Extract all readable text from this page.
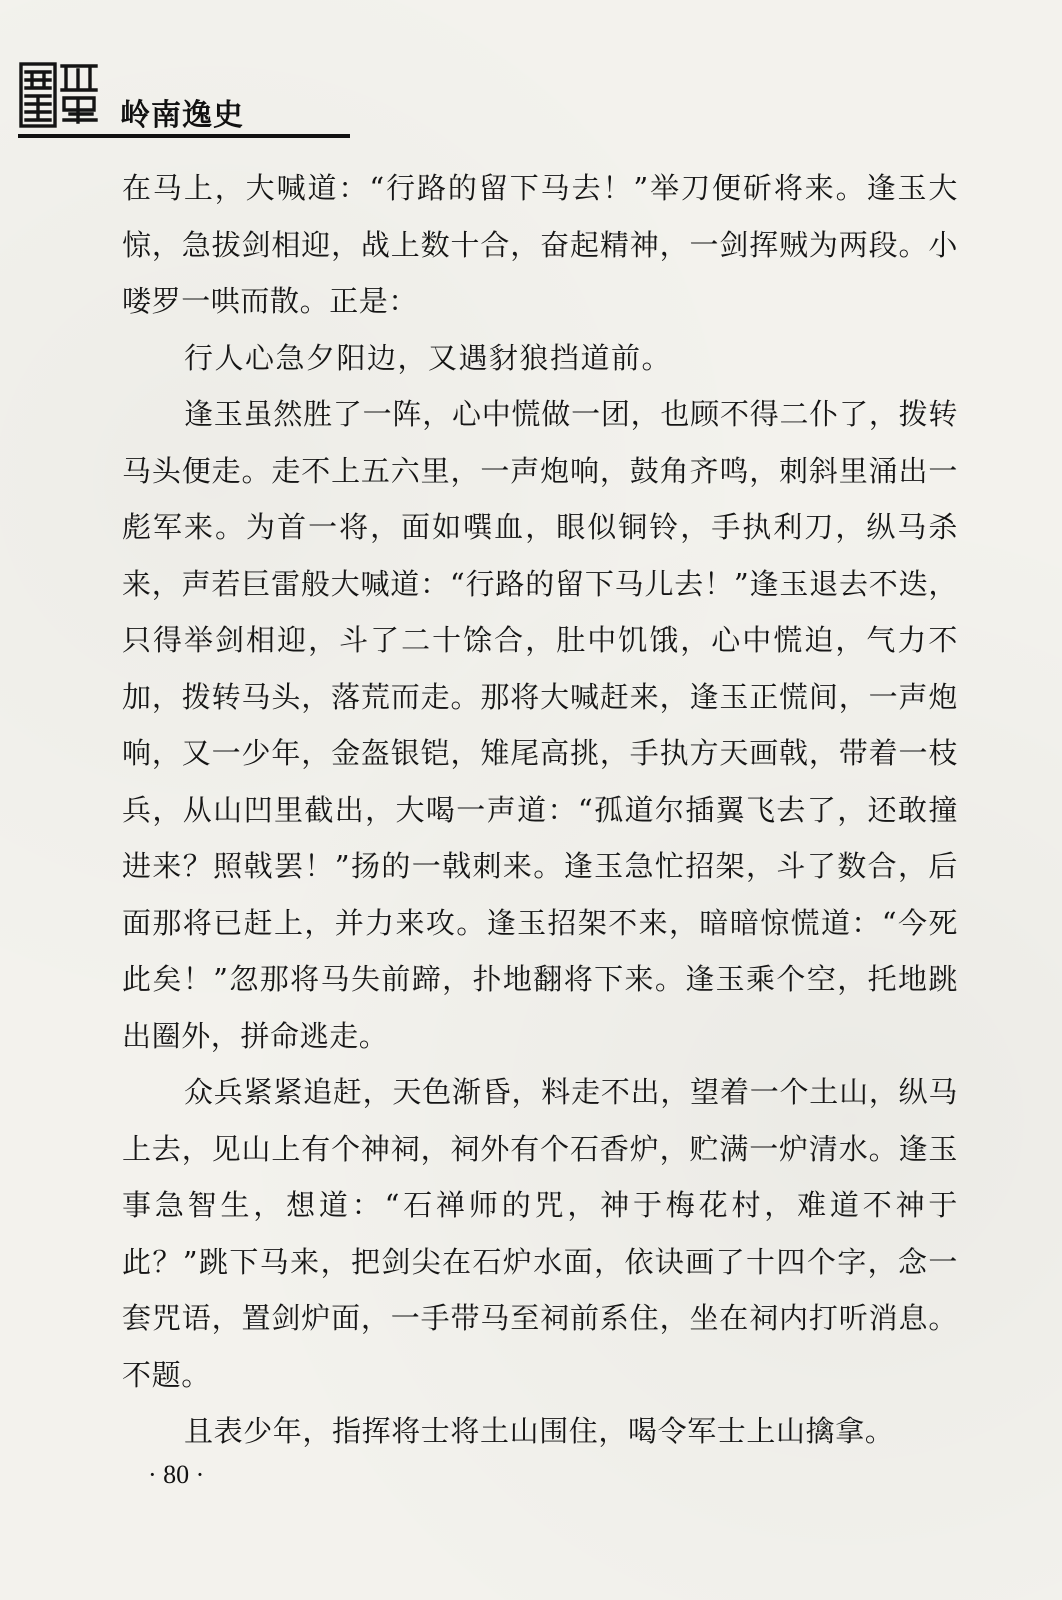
岭南逸史

在马上，大喊道：“行路的留下马去！”举刀便斫将来。逢玉大惊，急拔剑相迎，战上数十合，奋起精神，一剑挥贼为两段。小喽罗一哄而散。正是：

行人心急夕阳边，又遇豺狼挡道前。

逢玉虽然胜了一阵，心中慌做一团，也顾不得二仆了，拨转马头便走。走不上五六里，一声炮响，鼓角齐鸣，刺斜里涌出一彪军来。为首一将，面如噀血，眼似铜铃，手执利刀，纵马杀来，声若巨雷般大喊道：“行路的留下马儿去！”逢玉退去不迭，只得举剑相迎，斗了二十馀合，肚中饥饿，心中慌迫，气力不加，拨转马头，落荒而走。那将大喊赶来，逢玉正慌间，一声炮响，又一少年，金盔银铠，雉尾高挑，手执方天画戟，带着一枝兵，从山凹里截出，大喝一声道：“孤道尔插翼飞去了，还敢撞进来？照戟罢！”扬的一戟刺来。逢玉急忙招架，斗了数合，后面那将已赶上，并力来攻。逢玉招架不来，暗暗惊慌道：“今死此矣！”忽那将马失前蹄，扑地翻将下来。逢玉乘个空，托地跳出圈外，拼命逃走。

众兵紧紧追赶，天色渐昏，料走不出，望着一个土山，纵马上去，见山上有个神祠，祠外有个石香炉，贮满一炉清水。逢玉事急智生，想道：“石禅师的咒，神于梅花村，难道不神于此？”跳下马来，把剑尖在石炉水面，依诀画了十四个字，念一套咒语，置剑炉面，一手带马至祠前系住，坐在祠内打听消息。不题。

且表少年，指挥将士将土山围住，喝令军士上山擒拿。

· 80 ·
